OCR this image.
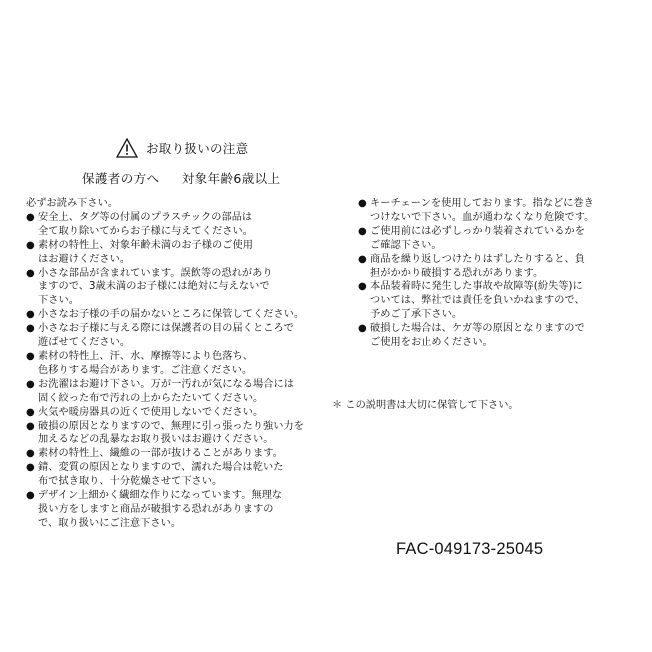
お取り扱いの注意
保護者の方へ 対象年齢6歳以上
必ずお読み下さい。
● 安全上、タグ等の付属のプラスチックの部品は
全て取り除いてからお子様に与えてください。
● 素材の特性上、対象年齢未満のお子様のご使用
はお避けください。
● 小さな部品が含まれています。誤飲等の恐れがあり
ますので、3歳未満のお子様には絶対に与えないで
下さい。
● 小さなお子様の手の届かないところに保管してください。
● 小さなお子様に与える際には保護者の目の届くところで
遊ばせてください。
● 素材の特性上、汗、水、摩擦等により色落ち、
色移りする場合があります。ご注意ください。
● お洗濯はお避け下さい。万が一汚れが気になる場合には
固く絞った布で汚れの上からたたいてください。
● 火気や暖房器具の近くで使用しないでください。
● 破損の原因となりますので、無理に引っ張ったり強い力を
加えるなどの乱暴なお取り扱いはお避けください。
● 素材の特性上、繊維の一部が抜けることがあります。
● 錆、変質の原因となりますので、濡れた場合は乾いた
布で拭き取り、十分乾燥させて下さい。
● デザイン上細かく繊細な作りになっています。無理な
扱い方をしますと商品が破損する恐れがありますの
で、取り扱いにご注意下さい。
● キーチェーンを使用しております。指などに巻き
つけないで下さい。血が通わなくなり危険です。
● ご使用前には必ずしっかり装着されているかを
ご確認下さい。
● 商品を繰り返しつけたりはずしたりすると、負
担がかかり破損する恐れがあります。
● 本品装着時に発生した事故や故障等(紛失等)に
ついては、弊社では責任を負いかねますので、
予めご了承下さい。
● 破損した場合は、ケガ等の原因となりますので
ご使用をお止めください。
＊ この説明書は大切に保管して下さい。
FAC-049173-25045
